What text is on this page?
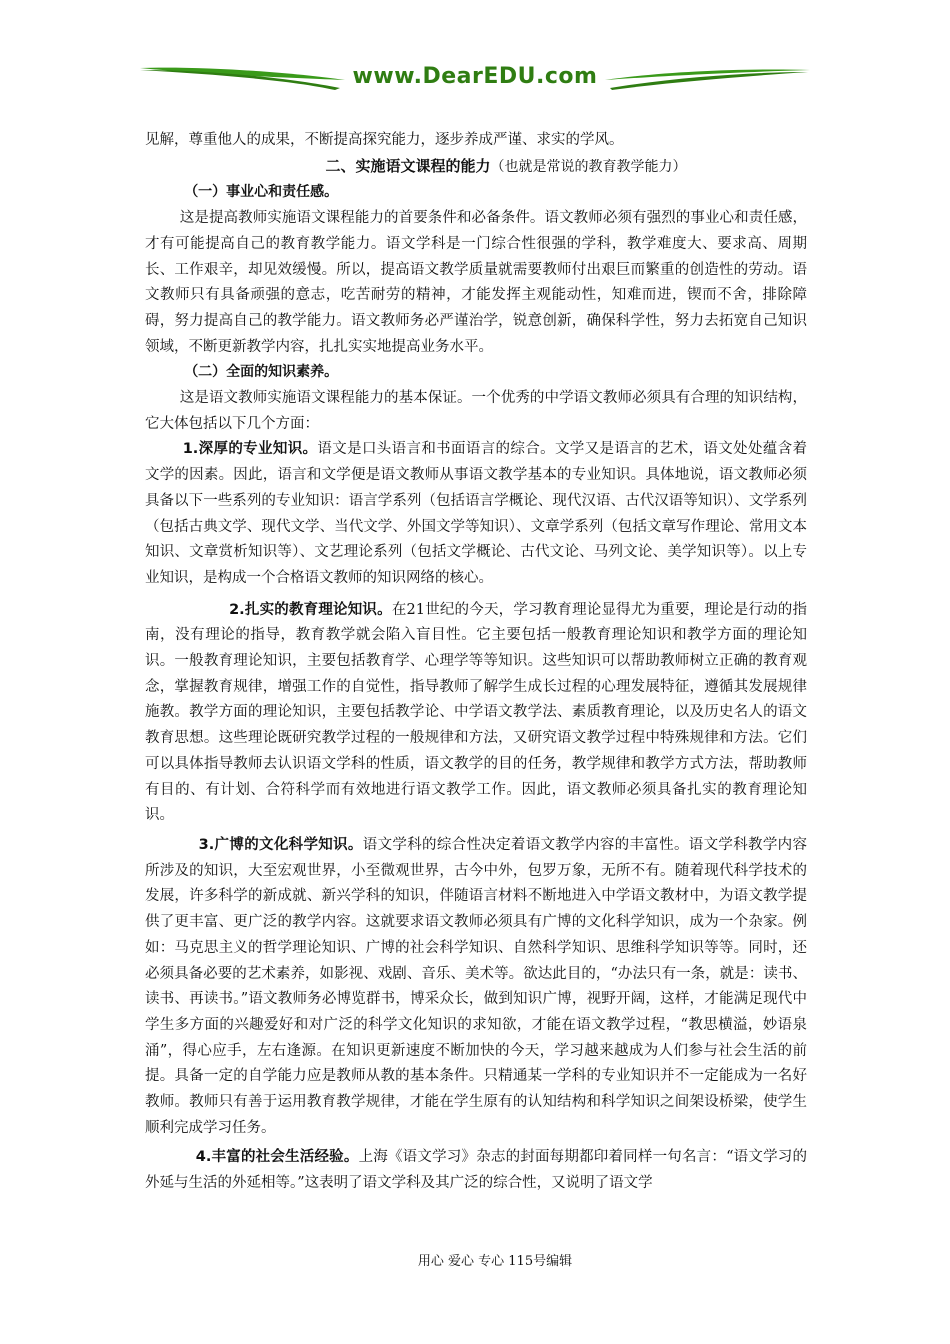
www.DearEDU.com

见解，尊重他人的成果，不断提高探究能力，逐步养成严谨、求实的学风。

二、实施语文课程的能力（也就是常说的教育教学能力）

（一）事业心和责任感。

这是提高教师实施语文课程能力的首要条件和必备条件。语文教师必须有强烈的事业心和责任感，才有可能提高自己的教育教学能力。语文学科是一门综合性很强的学科，教学难度大、要求高、周期长、工作艰辛，却见效缓慢。所以，提高语文教学质量就需要教师付出艰巨而繁重的创造性的劳动。语文教师只有具备顽强的意志，吃苦耐劳的精神，才能发挥主观能动性，知难而进，锲而不舍，排除障碍，努力提高自己的教学能力。语文教师务必严谨治学，锐意创新，确保科学性，努力去拓宽自己知识领域，不断更新教学内容，扎扎实实地提高业务水平。

（二）全面的知识素养。

这是语文教师实施语文课程能力的基本保证。一个优秀的中学语文教师必须具有合理的知识结构，它大体包括以下几个方面：

1.深厚的专业知识。语文是口头语言和书面语言的综合。文学又是语言的艺术，语文处处蕴含着文学的因素。因此，语言和文学便是语文教师从事语文教学基本的专业知识。具体地说，语文教师必须具备以下一些系列的专业知识：语言学系列（包括语言学概论、现代汉语、古代汉语等知识）、文学系列（包括古典文学、现代文学、当代文学、外国文学等知识）、文章学系列（包括文章写作理论、常用文本知识、文章赏析知识等）、文艺理论系列（包括文学概论、古代文论、马列文论、美学知识等）。以上专业知识，是构成一个合格语文教师的知识网络的核心。

2.扎实的教育理论知识。在21世纪的今天，学习教育理论显得尤为重要，理论是行动的指南，没有理论的指导，教育教学就会陷入盲目性。它主要包括一般教育理论知识和教学方面的理论知识。一般教育理论知识，主要包括教育学、心理学等等知识。这些知识可以帮助教师树立正确的教育观念，掌握教育规律，增强工作的自觉性，指导教师了解学生成长过程的心理发展特征，遵循其发展规律施教。教学方面的理论知识，主要包括教学论、中学语文教学法、素质教育理论，以及历史名人的语文教育思想。这些理论既研究教学过程的一般规律和方法，又研究语文教学过程中特殊规律和方法。它们可以具体指导教师去认识语文学科的性质，语文教学的目的任务，教学规律和教学方式方法，帮助教师有目的、有计划、合符科学而有效地进行语文教学工作。因此，语文教师必须具备扎实的教育理论知识。

3.广博的文化科学知识。语文学科的综合性决定着语文教学内容的丰富性。语文学科教学内容所涉及的知识，大至宏观世界，小至微观世界，古今中外，包罗万象，无所不有。随着现代科学技术的发展，许多科学的新成就、新兴学科的知识，伴随语言材料不断地进入中学语文教材中，为语文教学提供了更丰富、更广泛的教学内容。这就要求语文教师必须具有广博的文化科学知识，成为一个杂家。例如：马克思主义的哲学理论知识、广博的社会科学知识、自然科学知识、思维科学知识等等。同时，还必须具备必要的艺术素养，如影视、戏剧、音乐、美术等。欲达此目的，“办法只有一条，就是：读书、读书、再读书。”语文教师务必博览群书，博采众长，做到知识广博，视野开阔，这样，才能满足现代中学生多方面的兴趣爱好和对广泛的科学文化知识的求知欲，才能在语文教学过程，“教思横溢，妙语泉涌”，得心应手，左右逢源。在知识更新速度不断加快的今天，学习越来越成为人们参与社会生活的前提。具备一定的自学能力应是教师从教的基本条件。只精通某一学科的专业知识并不一定能成为一名好教师。教师只有善于运用教育教学规律，才能在学生原有的认知结构和科学知识之间架设桥梁，使学生顺利完成学习任务。

4.丰富的社会生活经验。上海《语文学习》杂志的封面每期都印着同样一句名言：“语文学习的外延与生活的外延相等。”这表明了语文学科及其广泛的综合性，又说明了语文学

用心 爱心 专心 115号编辑
